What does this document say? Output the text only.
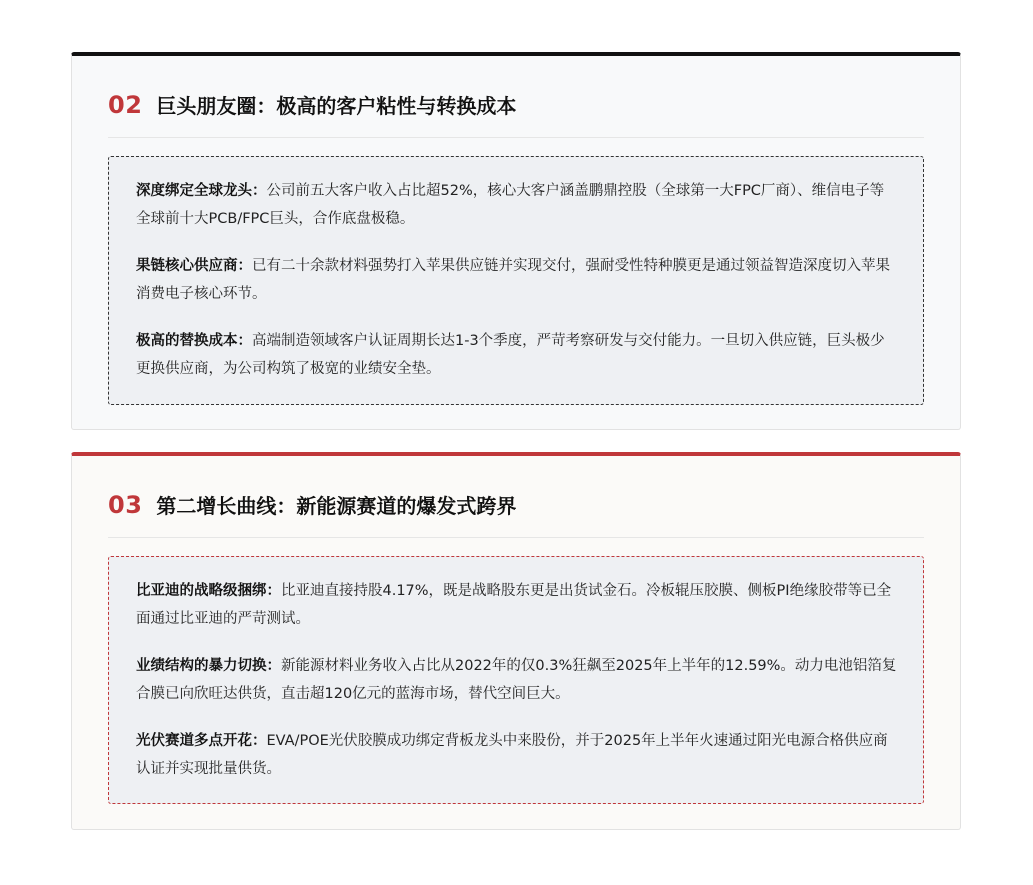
02 巨头朋友圈：极高的客户粘性与转换成本

深度绑定全球龙头：公司前五大客户收入占比超52%，核心大客户涵盖鹏鼎控股（全球第一大FPC厂商）、维信电子等全球前十大PCB/FPC巨头，合作底盘极稳。

果链核心供应商：已有二十余款材料强势打入苹果供应链并实现交付，强耐受性特种膜更是通过领益智造深度切入苹果消费电子核心环节。

极高的替换成本：高端制造领域客户认证周期长达1-3个季度，严苛考察研发与交付能力。一旦切入供应链，巨头极少更换供应商，为公司构筑了极宽的业绩安全垫。

03 第二增长曲线：新能源赛道的爆发式跨界

比亚迪的战略级捆绑：比亚迪直接持股4.17%，既是战略股东更是出货试金石。冷板辊压胶膜、侧板PI绝缘胶带等已全面通过比亚迪的严苛测试。

业绩结构的暴力切换：新能源材料业务收入占比从2022年的仅0.3%狂飙至2025年上半年的12.59%。动力电池铝箔复合膜已向欣旺达供货，直击超120亿元的蓝海市场，替代空间巨大。

光伏赛道多点开花：EVA/POE光伏胶膜成功绑定背板龙头中来股份，并于2025年上半年火速通过阳光电源合格供应商认证并实现批量供货。
